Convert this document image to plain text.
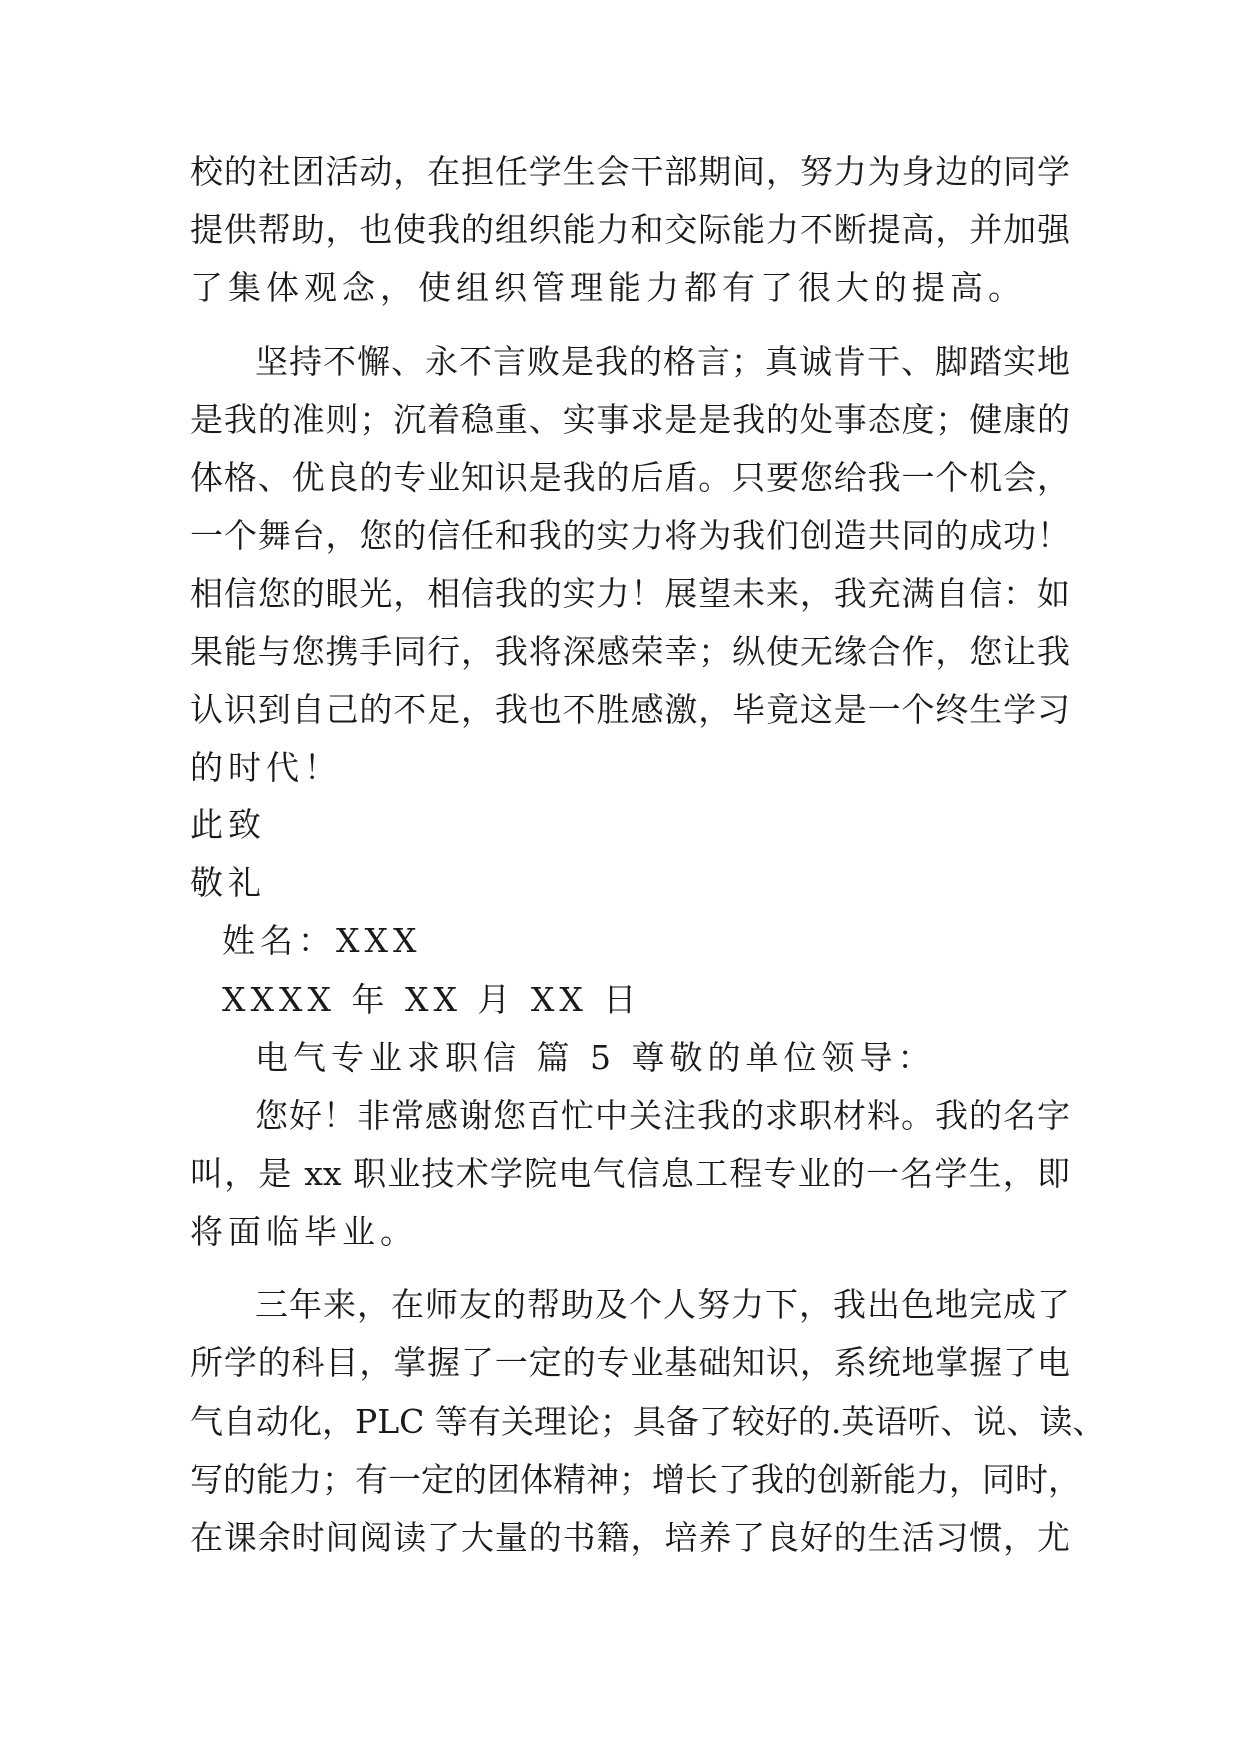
校的社团活动，在担任学生会干部期间，努力为身边的同学
提供帮助，也使我的组织能力和交际能力不断提高，并加强
了集体观念，使组织管理能力都有了很大的提高。
坚持不懈、永不言败是我的格言；真诚肯干、脚踏实地
是我的准则；沉着稳重、实事求是是我的处事态度；健康的
体格、优良的专业知识是我的后盾。只要您给我一个机会，
一个舞台，您的信任和我的实力将为我们创造共同的成功！
相信您的眼光，相信我的实力！展望未来，我充满自信：如
果能与您携手同行，我将深感荣幸；纵使无缘合作，您让我
认识到自己的不足，我也不胜感激，毕竟这是一个终生学习
的时代！
此致
敬礼
姓名：XXX
XXXX 年 XX 月 XX 日
电气专业求职信 篇 5 尊敬的单位领导：
您好！非常感谢您百忙中关注我的求职材料。我的名字
叫，是 xx 职业技术学院电气信息工程专业的一名学生，即
将面临毕业。
三年来，在师友的帮助及个人努力下，我出色地完成了
所学的科目，掌握了一定的专业基础知识，系统地掌握了电
气自动化，PLC 等有关理论；具备了较好的.英语听、说、读、
写的能力；有一定的团体精神；增长了我的创新能力，同时，
在课余时间阅读了大量的书籍，培养了良好的生活习惯，尤
